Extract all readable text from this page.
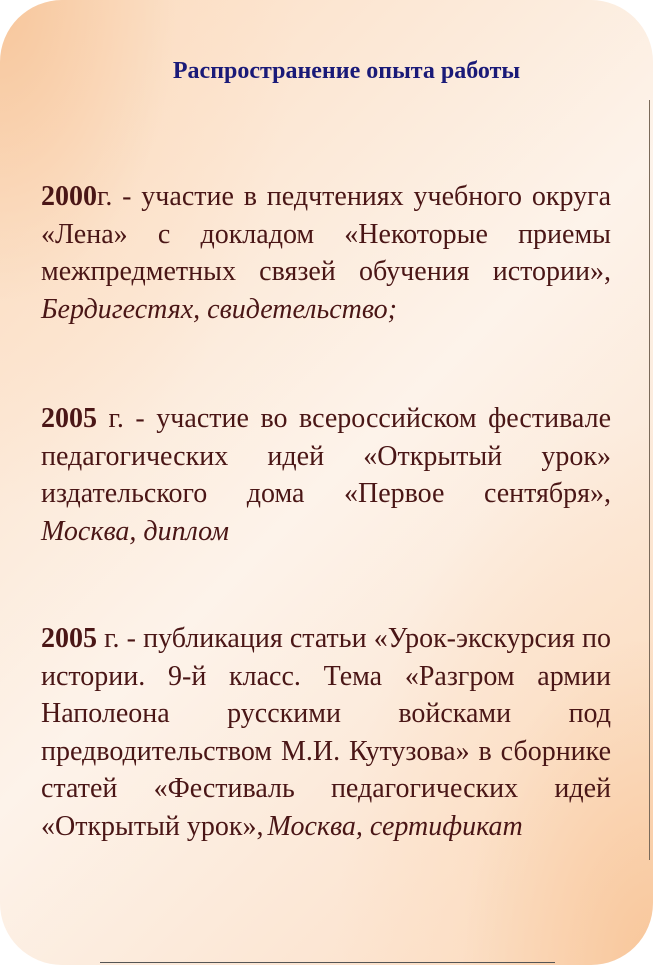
Распространение опыта работы

2000г. - участие в педчтениях учебного округа «Лена» с докладом «Некоторые приемы межпредметных связей обучения истории», Бердигестях, свидетельство;

2005 г. - участие во всероссийском фестивале педагогических идей «Открытый урок» издательского дома «Первое сентября», Москва, диплом

2005 г. - публикация статьи «Урок-экскурсия по истории. 9-й класс. Тема «Разгром армии Наполеона русскими войсками под предводительством М.И. Кутузова» в сборнике статей «Фестиваль педагогических идей «Открытый урок», Москва, сертификат
